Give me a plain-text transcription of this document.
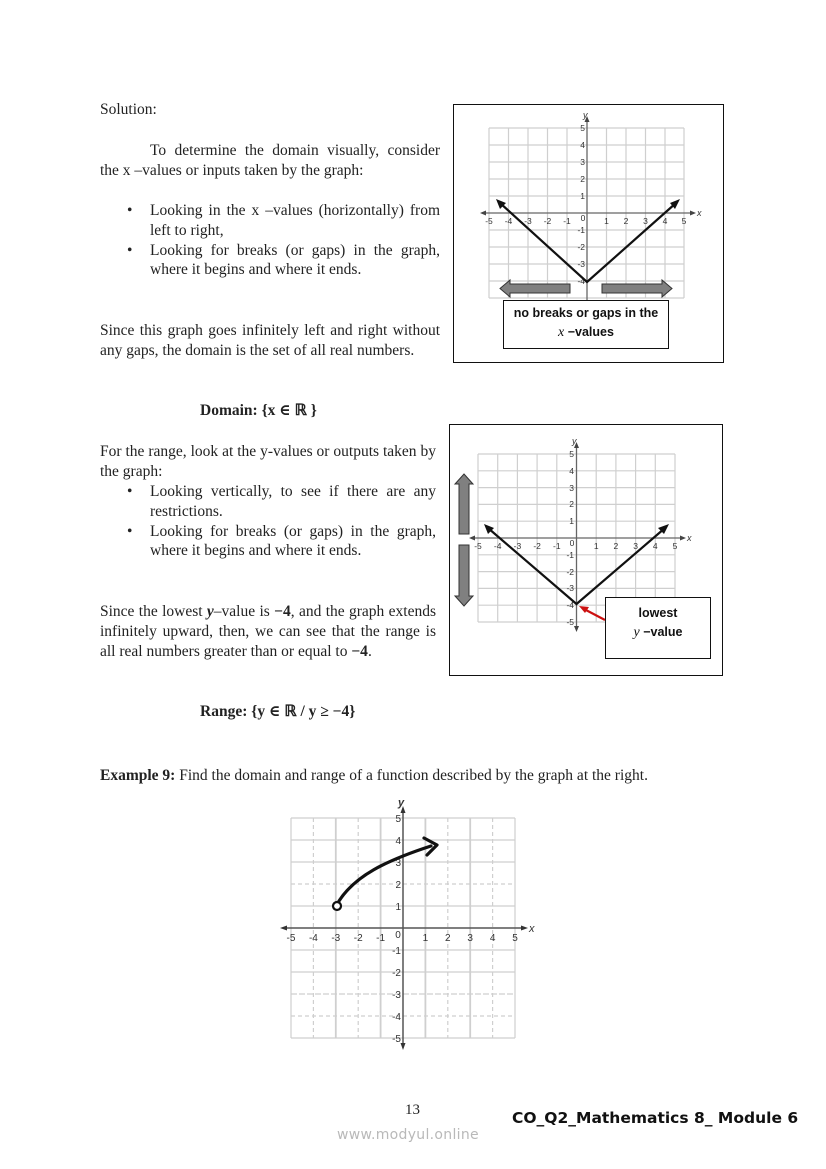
Solution:
To determine the domain visually, consider the x –values or inputs taken by the graph:
• Looking in the x –values (horizontally) from left to right,
• Looking for breaks (or gaps) in the graph, where it begins and where it ends.
Since this graph goes infinitely left and right without any gaps, the domain is the set of all real numbers.
Domain: {x ∈ ℝ }
For the range, look at the y-values or outputs taken by the graph:
• Looking vertically, to see if there are any restrictions.
• Looking for breaks (or gaps) in the graph, where it begins and where it ends.
Since the lowest y–value is −4, and the graph extends infinitely upward, then, we can see that the range is all real numbers greater than or equal to −4.
Range: {y ∈ ℝ / y ≥ −4}
x
y
-5 -4 -3 -2 -1 0 1 2 3 4 5
5
4
3
2
1
-1
-2
-3
-4
no breaks or gaps in the
x −values
x
y
-5 -4 -3 -2 -1 0 1 2 3 4 5
5
4
3
2
1
-1
-2
-3
-4
-5
lowest
y −value
Example 9: Find the domain and range of a function described by the graph at the right.
x
y
-5 -4 -3 -2 -1 0 1 2 3 4 5
5
4
3
2
1
-1
-2
-3
-4
-5
13	CO_Q2_Mathematics 8_ Module 6
www.modyul.online
